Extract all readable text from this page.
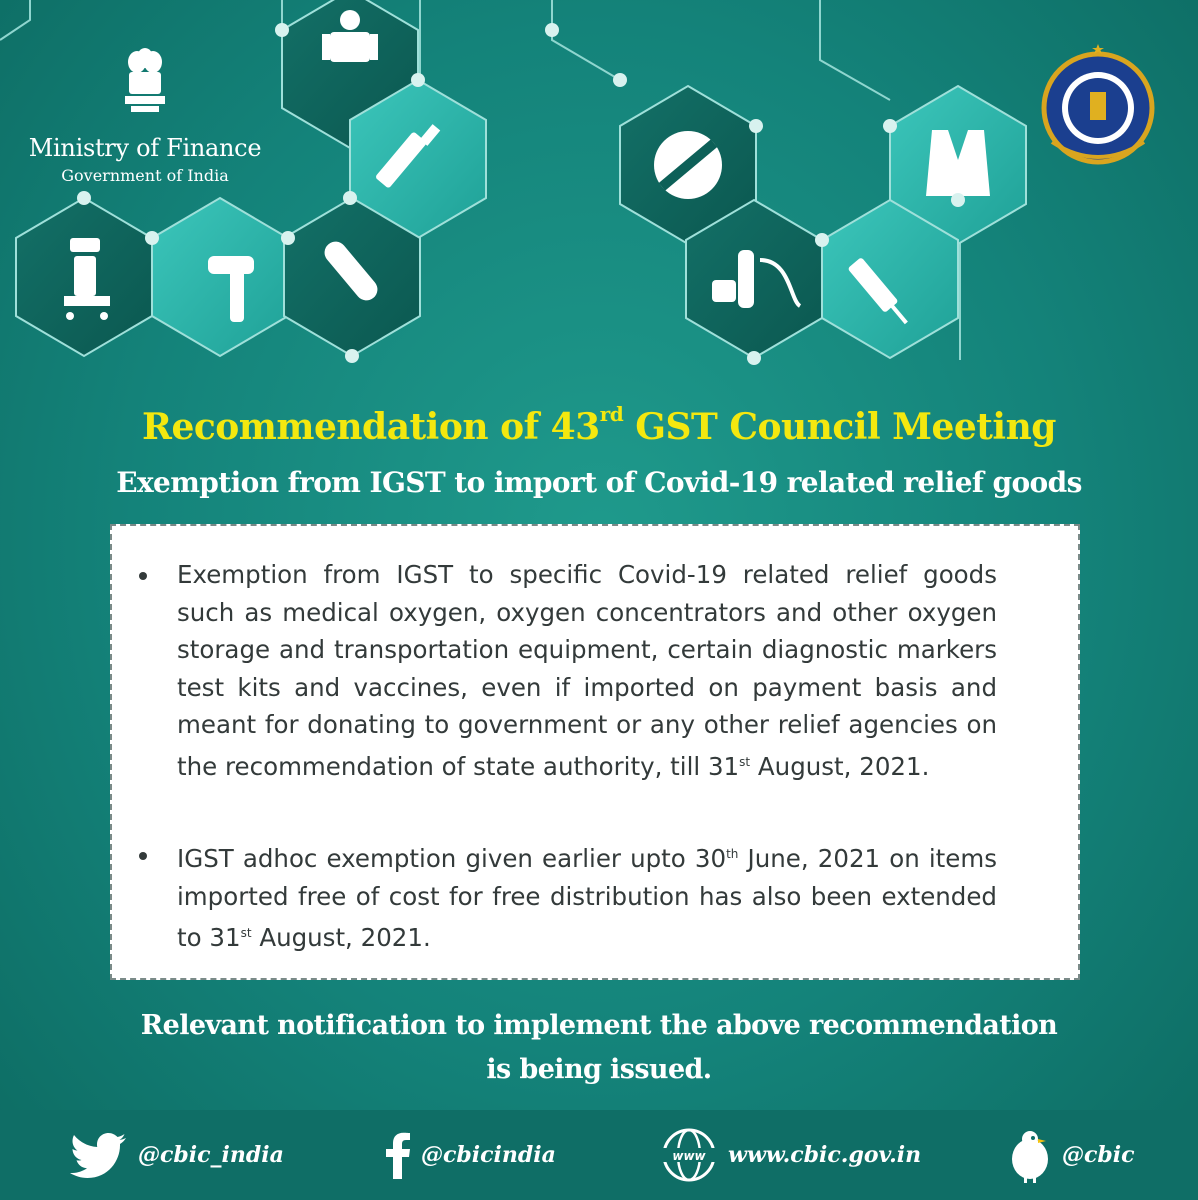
Ministry of Finance
Government of India
Recommendation of 43rd GST Council Meeting
Exemption from IGST to import of Covid-19 related relief goods
Exemption from IGST to specific Covid-19 related relief goods such as medical oxygen, oxygen concentrators and other oxygen storage and transportation equipment, certain diagnostic markers test kits and vaccines, even if imported on payment basis and meant for donating to government or any other relief agencies on the recommendation of state authority, till 31st August, 2021.
IGST adhoc exemption given earlier upto 30th June, 2021 on items imported free of cost for free distribution has also been extended to 31st August, 2021.
Relevant notification to implement the above recommendation
is being issued.
@cbic_india	@cbicindia	www www.cbic.gov.in	@cbic
